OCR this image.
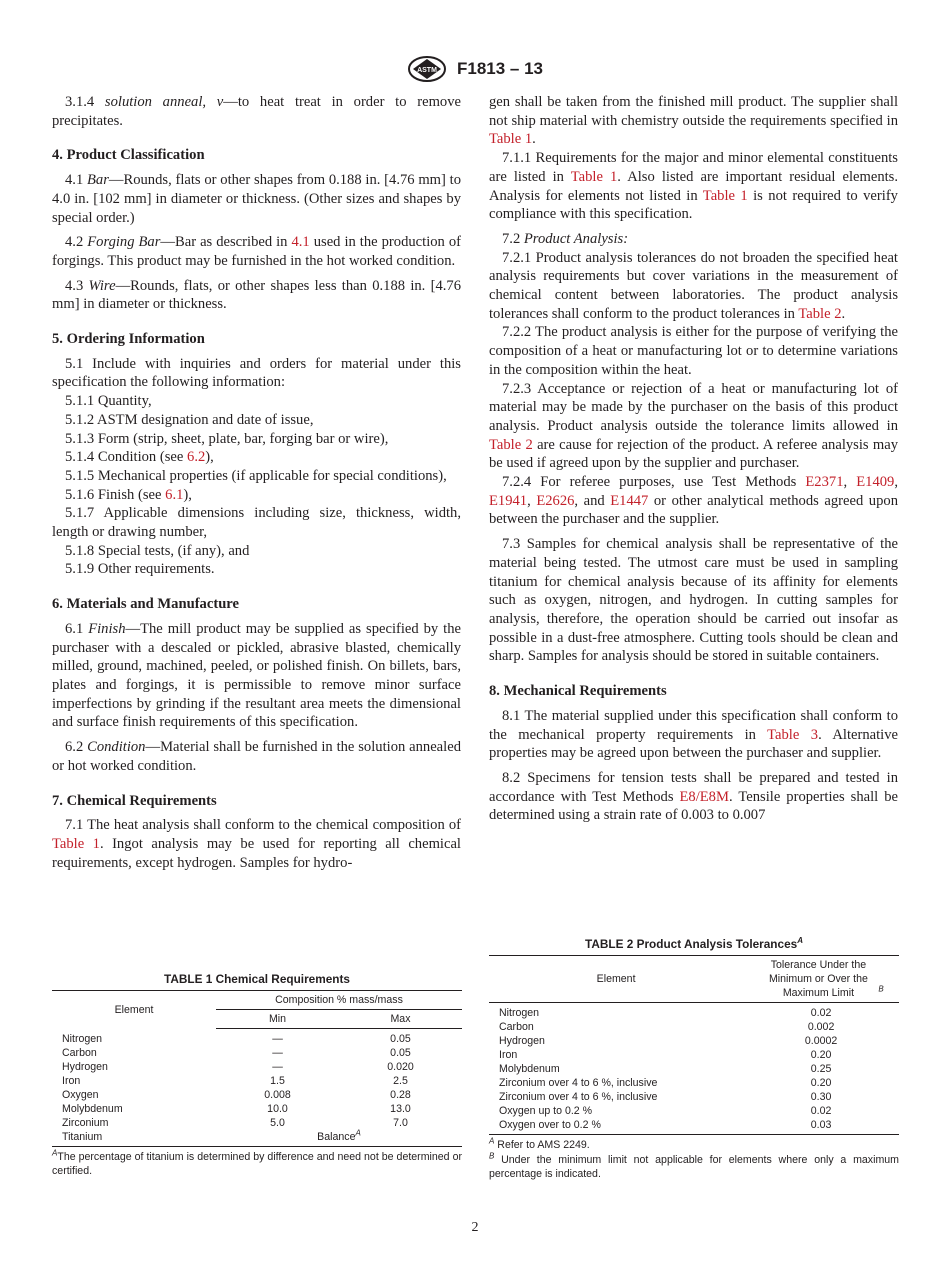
ASTM F1813 – 13

3.1.4 solution anneal, v—to heat treat in order to remove precipitates.

4. Product Classification

4.1 Bar—Rounds, flats or other shapes from 0.188 in. [4.76 mm] to 4.0 in. [102 mm] in diameter or thickness. (Other sizes and shapes by special order.)

4.2 Forging Bar—Bar as described in 4.1 used in the production of forgings. This product may be furnished in the hot worked condition.

4.3 Wire—Rounds, flats, or other shapes less than 0.188 in. [4.76 mm] in diameter or thickness.

5. Ordering Information

5.1 Include with inquiries and orders for material under this specification the following information:

5.1.1 Quantity,

5.1.2 ASTM designation and date of issue,

5.1.3 Form (strip, sheet, plate, bar, forging bar or wire),

5.1.4 Condition (see 6.2),

5.1.5 Mechanical properties (if applicable for special conditions),

5.1.6 Finish (see 6.1),

5.1.7 Applicable dimensions including size, thickness, width, length or drawing number,

5.1.8 Special tests, (if any), and

5.1.9 Other requirements.

6. Materials and Manufacture

6.1 Finish—The mill product may be supplied as specified by the purchaser with a descaled or pickled, abrasive blasted, chemically milled, ground, machined, peeled, or polished finish. On billets, bars, plates and forgings, it is permissible to remove minor surface imperfections by grinding if the resultant area meets the dimensional and surface finish requirements of this specification.

6.2 Condition—Material shall be furnished in the solution annealed or hot worked condition.

7. Chemical Requirements

7.1 The heat analysis shall conform to the chemical composition of Table 1. Ingot analysis may be used for reporting all chemical requirements, except hydrogen. Samples for hydro-

gen shall be taken from the finished mill product. The supplier shall not ship material with chemistry outside the requirements specified in Table 1.

7.1.1 Requirements for the major and minor elemental constituents are listed in Table 1. Also listed are important residual elements. Analysis for elements not listed in Table 1 is not required to verify compliance with this specification.

7.2 Product Analysis:

7.2.1 Product analysis tolerances do not broaden the specified heat analysis requirements but cover variations in the measurement of chemical content between laboratories. The product analysis tolerances shall conform to the product tolerances in Table 2.

7.2.2 The product analysis is either for the purpose of verifying the composition of a heat or manufacturing lot or to determine variations in the composition within the heat.

7.2.3 Acceptance or rejection of a heat or manufacturing lot of material may be made by the purchaser on the basis of this product analysis. Product analysis outside the tolerance limits allowed in Table 2 are cause for rejection of the product. A referee analysis may be used if agreed upon by the supplier and purchaser.

7.2.4 For referee purposes, use Test Methods E2371, E1409, E1941, E2626, and E1447 or other analytical methods agreed upon between the purchaser and the supplier.

7.3 Samples for chemical analysis shall be representative of the material being tested. The utmost care must be used in sampling titanium for chemical analysis because of its affinity for elements such as oxygen, nitrogen, and hydrogen. In cutting samples for analysis, therefore, the operation should be carried out insofar as possible in a dust-free atmosphere. Cutting tools should be clean and sharp. Samples for analysis should be stored in suitable containers.

8. Mechanical Requirements

8.1 The material supplied under this specification shall conform to the mechanical property requirements in Table 3. Alternative properties may be agreed upon between the purchaser and supplier.

8.2 Specimens for tension tests shall be prepared and tested in accordance with Test Methods E8/E8M. Tensile properties shall be determined using a strain rate of 0.003 to 0.007

TABLE 1 Chemical Requirements
Element	Composition % mass/mass	
	Min	Max
Nitrogen	—	0.05
Carbon	—	0.05
Hydrogen	—	0.020
Iron	1.5	2.5
Oxygen	0.008	0.28
Molybdenum	10.0	13.0
Zirconium	5.0	7.0
Titanium	Balance$^A$
$^A$The percentage of titanium is determined by difference and need not be determined or certified.
TABLE 2 Product Analysis Tolerances$^A$
Element	Tolerance Under the Minimum or Over the Maximum Limit $^B$
Nitrogen	0.02
Carbon	0.002
Hydrogen	0.0002
Iron	0.20
Molybdenum	0.25
Zirconium over 4 to 6 %, inclusive	0.20
Zirconium over 4 to 6 %, inclusive	0.30
Oxygen up to 0.2 %	0.02
Oxygen over to 0.2 %	0.03
$^A$ Refer to AMS 2249.
$^B$ Under the minimum limit not applicable for elements where only a maximum percentage is indicated.
2
